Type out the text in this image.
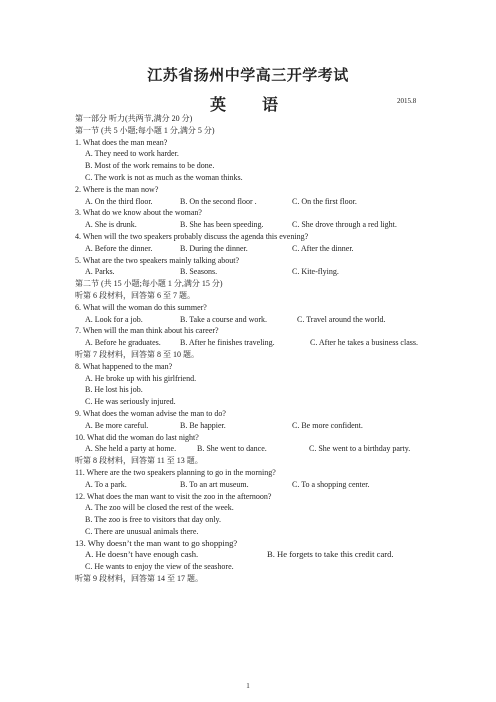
江苏省扬州中学高三开学考试
英 语	2015.8
第一部分 听力(共两节,满分 20 分)
第一节 (共 5 小题;每小题 1 分,满分 5 分)
1. What does the man mean?
A. They need to work harder.
B. Most of the work remains to be done.
C. The work is not as much as the woman thinks.
2. Where is the man now?
A. On the third floor.	B. On the second floor .	C. On the first floor.
3. What do we know about the woman?
A. She is drunk.	B. She has been speeding.	C. She drove through a red light.
4. When will the two speakers probably discuss the agenda this evening?
A. Before the dinner.	B. During the dinner.	C. After the dinner.
5. What are the two speakers mainly talking about?
A. Parks.	B. Seasons.	C. Kite-flying.
第二节 (共 15 小题;每小题 1 分,满分 15 分)
听第 6 段材料，回答第 6 至 7 题。
6. What will the woman do this summer?
A. Look for a job.	B. Take a course and work.	C. Travel around the world.
7. When will the man think about his career?
A. Before he graduates. B. After he finishes traveling.	C. After he takes a business class.
听第 7 段材料，回答第 8 至 10 题。
8. What happened to the man?
A. He broke up with his girlfriend.
B. He lost his job.
C. He was seriously injured.
9. What does the woman advise the man to do?
A. Be more careful.	B. Be happier.	C. Be more confident.
10. What did the woman do last night?
A. She held a party at home.	B. She went to dance.	C. She went to a birthday party.
听第 8 段材料，回答第 11 至 13 题。
11. Where are the two speakers planning to go in the morning?
A. To a park.	B. To an art museum.	C. To a shopping center.
12. What does the man want to visit the zoo in the afternoon?
A. The zoo will be closed the rest of the week.
B. The zoo is free to visitors that day only.
C. There are unusual animals there.
13. Why doesn’t the man want to go shopping?
A. He doesn’t have enough cash.	B. He forgets to take this credit card.
C. He wants to enjoy the view of the seashore.
听第 9 段材料，回答第 14 至 17 题。
1
